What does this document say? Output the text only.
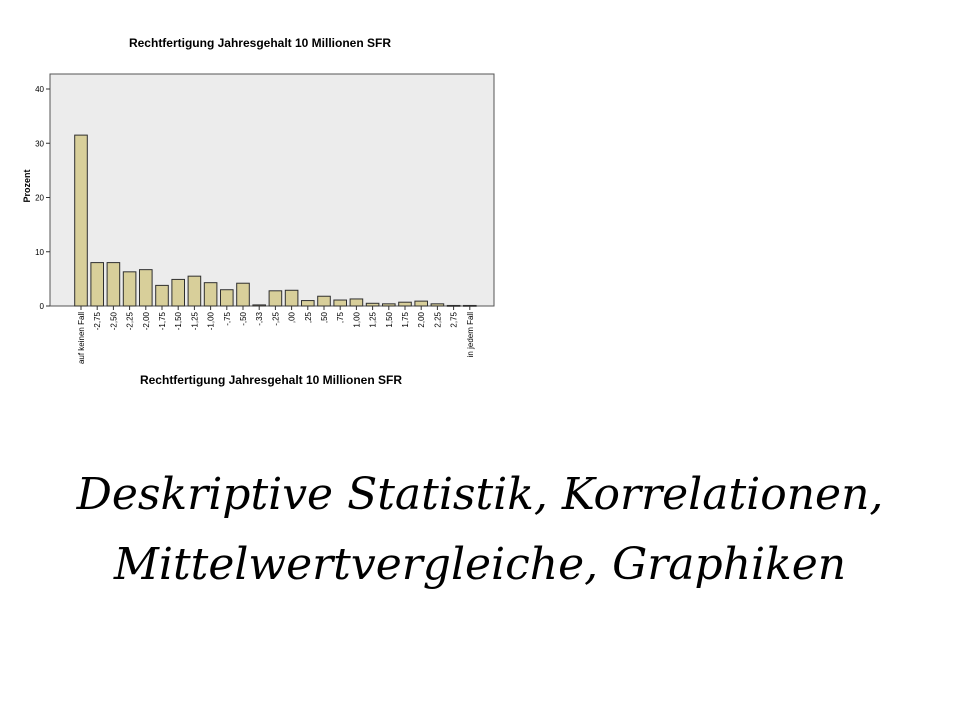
Rechtfertigung Jahresgehalt 10 Millionen SFR
0
10
20
30
40
Prozent
auf keinen Fall -2,75 -2,50 -2,25 -2,00 -1,75 -1,50 -1,25 -1,00 -,75 -,50 -,33 -,25 ,00 ,25 ,50 ,75 1,00 1,25 1,50 1,75 2,00 2,25 2,75 in jedem Fall
Rechtfertigung Jahresgehalt 10 Millionen SFR
Deskriptive Statistik, Korrelationen,
Mittelwertvergleiche, Graphiken
